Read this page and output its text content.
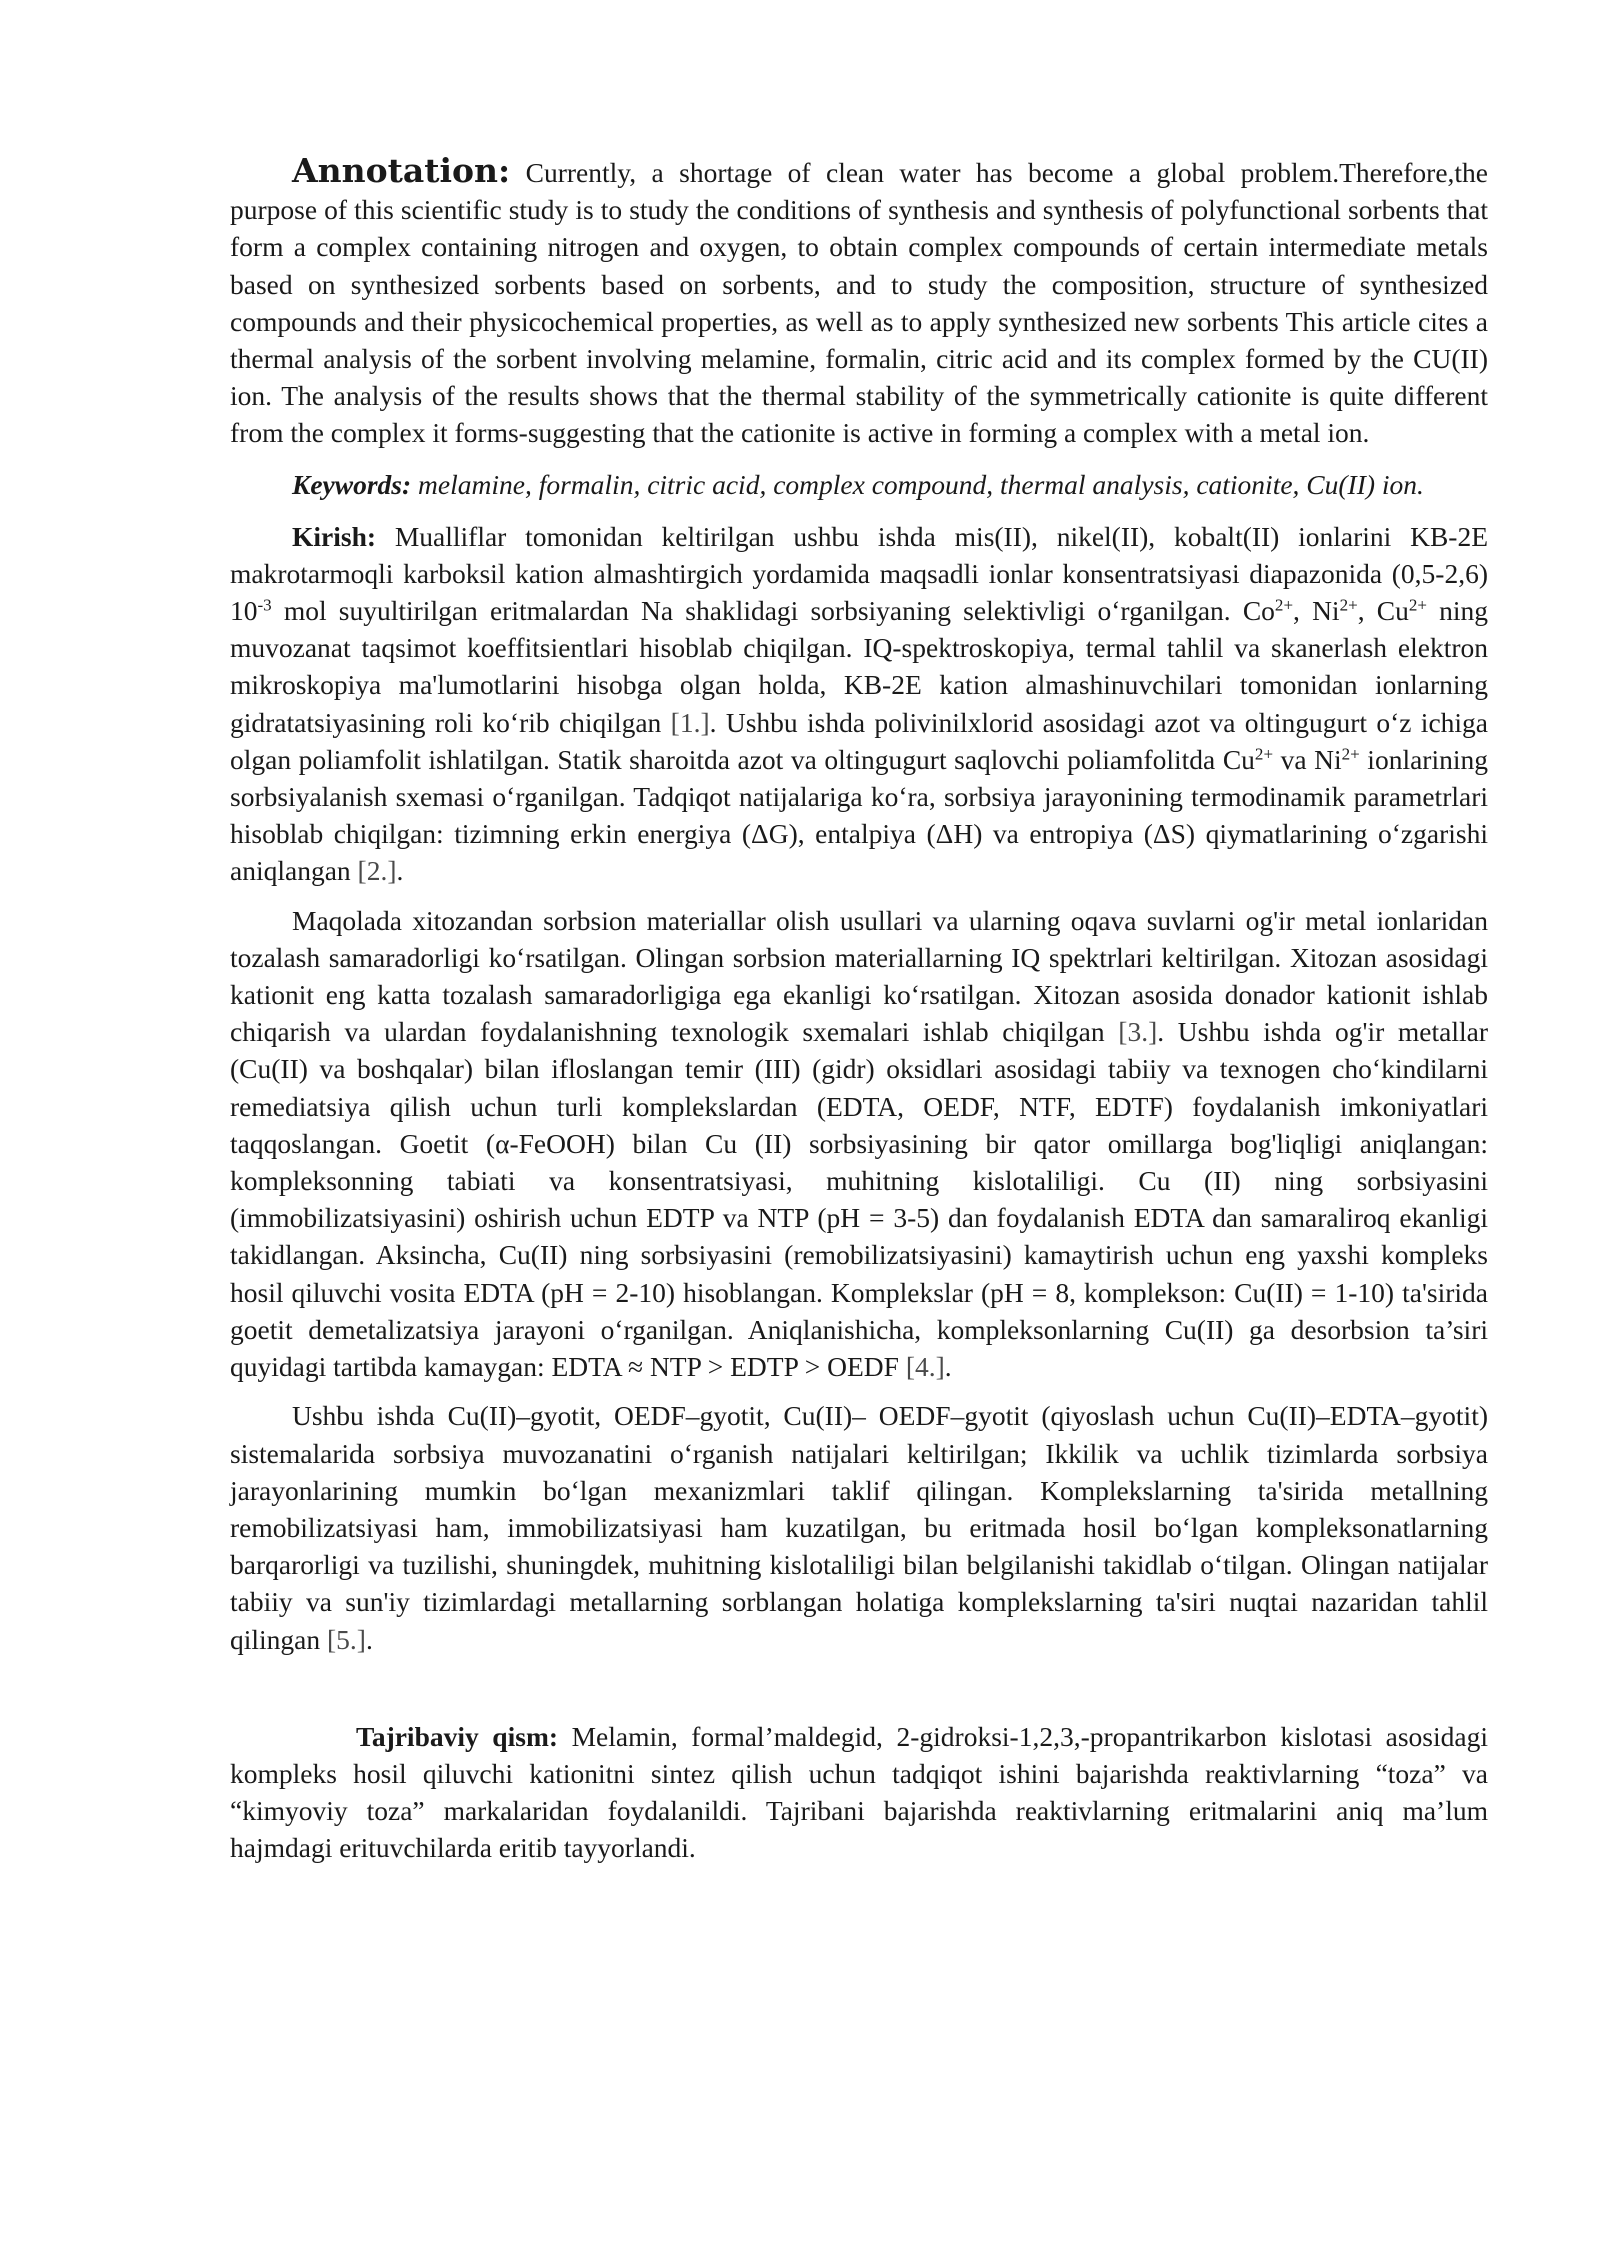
Annotation: Currently, a shortage of clean water has become a global problem.Therefore,the purpose of this scientific study is to study the conditions of synthesis and synthesis of polyfunctional sorbents that form a complex containing nitrogen and oxygen, to obtain complex compounds of certain intermediate metals based on synthesized sorbents based on sorbents, and to study the composition, structure of synthesized compounds and their physicochemical properties, as well as to apply synthesized new sorbents This article cites a thermal analysis of the sorbent involving melamine, formalin, citric acid and its complex formed by the CU(II) ion. The analysis of the results shows that the thermal stability of the symmetrically cationite is quite different from the complex it forms-suggesting that the cationite is active in forming a complex with a metal ion.

Keywords: melamine, formalin, citric acid, complex compound, thermal analysis, cationite, Cu(II) ion.

Kirish: Mualliflar tomonidan keltirilgan ushbu ishda mis(II), nikel(II), kobalt(II) ionlarini KB-2E makrotarmoqli karboksil kation almashtirgich yordamida maqsadli ionlar konsentratsiyasi diapazonida (0,5-2,6) $10^{-3}$ mol suyultirilgan eritmalardan Na shaklidagi sorbsiyaning selektivligi o‘rganilgan. $Co^{2+}$, $Ni^{2+}$, $Cu^{2+}$ ning muvozanat taqsimot koeffitsientlari hisoblab chiqilgan. IQ-spektroskopiya, termal tahlil va skanerlash elektron mikroskopiya ma'lumotlarini hisobga olgan holda, KB-2E kation almashinuvchilari tomonidan ionlarning gidratatsiyasining roli ko‘rib chiqilgan [1.]. Ushbu ishda polivinilxlorid asosidagi azot va oltingugurt o‘z ichiga olgan poliamfolit ishlatilgan. Statik sharoitda azot va oltingugurt saqlovchi poliamfolitda $Cu^{2+}$ va $Ni^{2+}$ ionlarining sorbsiyalanish sxemasi o‘rganilgan. Tadqiqot natijalariga ko‘ra, sorbsiya jarayonining termodinamik parametrlari hisoblab chiqilgan: tizimning erkin energiya (ΔG), entalpiya (ΔH) va entropiya (ΔS) qiymatlarining o‘zgarishi aniqlangan [2.].

Maqolada xitozandan sorbsion materiallar olish usullari va ularning oqava suvlarni og'ir metal ionlaridan tozalash samaradorligi ko‘rsatilgan. Olingan sorbsion materiallarning IQ spektrlari keltirilgan. Xitozan asosidagi kationit eng katta tozalash samaradorligiga ega ekanligi ko‘rsatilgan. Xitozan asosida donador kationit ishlab chiqarish va ulardan foydalanishning texnologik sxemalari ishlab chiqilgan [3.]. Ushbu ishda og'ir metallar (Cu(II) va boshqalar) bilan ifloslangan temir (III) (gidr) oksidlari asosidagi tabiiy va texnogen cho‘kindilarni remediatsiya qilish uchun turli komplekslardan (EDTA, OEDF, NTF, EDTF) foydalanish imkoniyatlari taqqoslangan. Goetit (α-FeOOH) bilan Cu (II) sorbsiyasining bir qator omillarga bog'liqligi aniqlangan: kompleksonning tabiati va konsentratsiyasi, muhitning kislotaliligi. Cu (II) ning sorbsiyasini (immobilizatsiyasini) oshirish uchun EDTP va NTP (pH = 3-5) dan foydalanish EDTA dan samaraliroq ekanligi takidlangan. Aksincha, Cu(II) ning sorbsiyasini (remobilizatsiyasini) kamaytirish uchun eng yaxshi kompleks hosil qiluvchi vosita EDTA (pH = 2-10) hisoblangan. Komplekslar (pH = 8, komplekson: Cu(II) = 1-10) ta'sirida goetit demetalizatsiya jarayoni o‘rganilgan. Aniqlanishicha, kompleksonlarning Cu(II) ga desorbsion ta’siri quyidagi tartibda kamaygan: EDTA ≈ NTP > EDTP > OEDF [4.].

Ushbu ishda Cu(II)–gyotit, OEDF–gyotit, Cu(II)– OEDF–gyotit (qiyoslash uchun Cu(II)–EDTA–gyotit) sistemalarida sorbsiya muvozanatini o‘rganish natijalari keltirilgan; Ikkilik va uchlik tizimlarda sorbsiya jarayonlarining mumkin bo‘lgan mexanizmlari taklif qilingan. Komplekslarning ta'sirida metallning remobilizatsiyasi ham, immobilizatsiyasi ham kuzatilgan, bu eritmada hosil bo‘lgan kompleksonatlarning barqarorligi va tuzilishi, shuningdek, muhitning kislotaliligi bilan belgilanishi takidlab o‘tilgan. Olingan natijalar tabiiy va sun'iy tizimlardagi metallarning sorblangan holatiga komplekslarning ta'siri nuqtai nazaridan tahlil qilingan [5.].

Tajribaviy qism: Melamin, formal’maldegid, 2-gidroksi-1,2,3,-propantrikarbon kislotasi asosidagi kompleks hosil qiluvchi kationitni sintez qilish uchun tadqiqot ishini bajarishda reaktivlarning “toza” va “kimyoviy toza” markalaridan foydalanildi. Tajribani bajarishda reaktivlarning eritmalarini aniq ma’lum hajmdagi erituvchilarda eritib tayyorlandi.
